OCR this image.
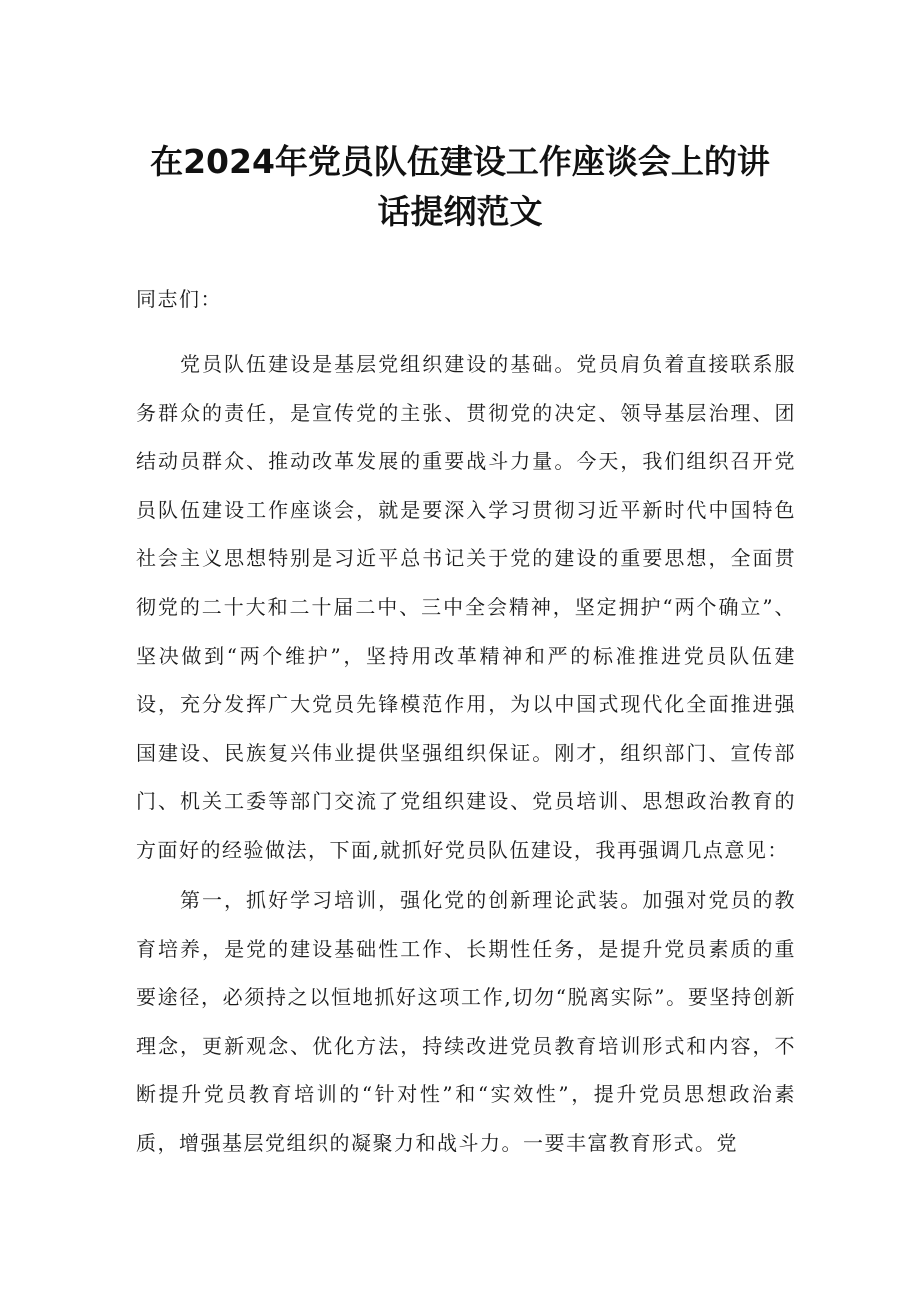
在2024年党员队伍建设工作座谈会上的讲
话提纲范文
同志们：
党员队伍建设是基层党组织建设的基础。党员肩负着直接联系服务群众的责任，是宣传党的主张、贯彻党的决定、领导基层治理、团结动员群众、推动改革发展的重要战斗力量。今天，我们组织召开党员队伍建设工作座谈会，就是要深入学习贯彻习近平新时代中国特色社会主义思想特别是习近平总书记关于党的建设的重要思想，全面贯彻党的二十大和二十届二中、三中全会精神，坚定拥护“两个确立”、坚决做到“两个维护”，坚持用改革精神和严的标准推进党员队伍建设，充分发挥广大党员先锋模范作用，为以中国式现代化全面推进强国建设、民族复兴伟业提供坚强组织保证。刚才，组织部门、宣传部门、机关工委等部门交流了党组织建设、党员培训、思想政治教育的方面好的经验做法，下面,就抓好党员队伍建设，我再强调几点意见：
第一，抓好学习培训，强化党的创新理论武装。加强对党员的教育培养，是党的建设基础性工作、长期性任务，是提升党员素质的重要途径，必须持之以恒地抓好这项工作,切勿“脱离实际”。要坚持创新理念，更新观念、优化方法，持续改进党员教育培训形式和内容，不断提升党员教育培训的“针对性”和“实效性”，提升党员思想政治素质，增强基层党组织的凝聚力和战斗力。一要丰富教育形式。党
